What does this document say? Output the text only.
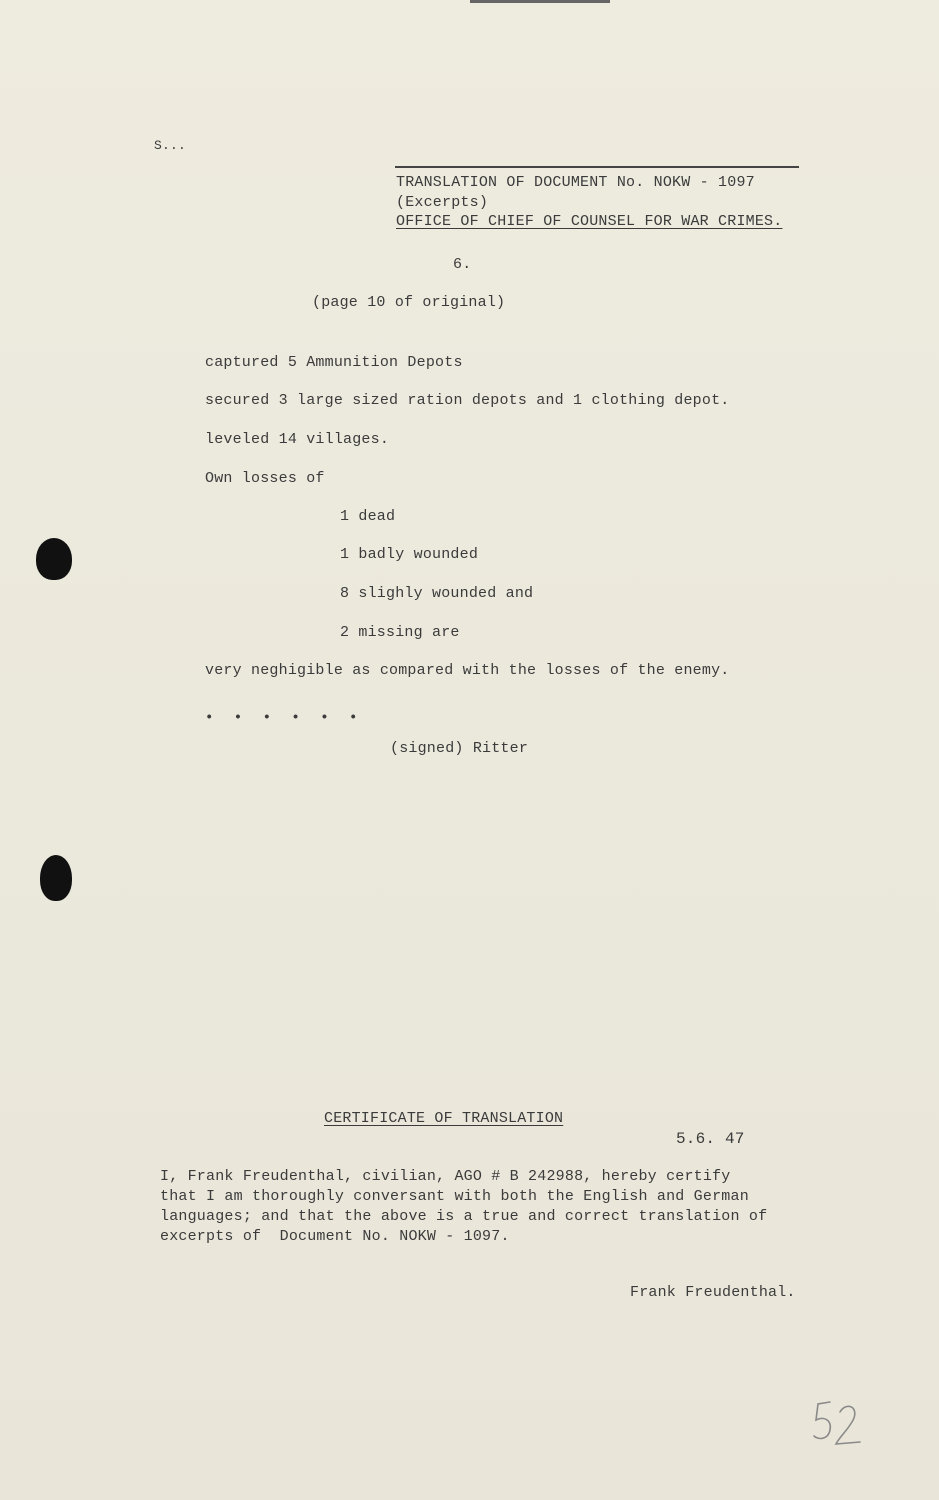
S...
TRANSLATION OF DOCUMENT No. NOKW - 1097
(Excerpts)
OFFICE OF CHIEF OF COUNSEL FOR WAR CRIMES.
6.
(page 10 of original)
captured 5 Ammunition Depots
secured 3 large sized ration depots and 1 clothing depot.
leveled 14 villages.
Own losses of
1 dead
1 badly wounded
8 slighly wounded and
2 missing are
very neghigible as compared with the losses of the enemy.
• • • • • •
(signed) Ritter
CERTIFICATE OF TRANSLATION
5.6. 47
I, Frank Freudenthal, civilian, AGO # B 242988, hereby certify
that I am thoroughly conversant with both the English and German
languages; and that the above is a true and correct translation of
excerpts of  Document No. NOKW - 1097.
Frank Freudenthal.
